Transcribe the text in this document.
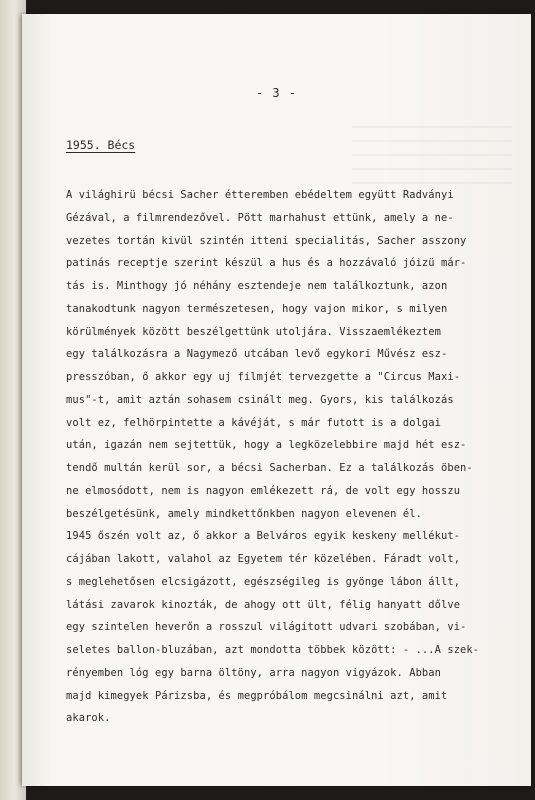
- 3 -
1955. Bécs
A világhirü bécsi Sacher étteremben ebédeltem együtt Radványi
Gézával, a filmrendezővel. Pött marhahust ettünk, amely a ne-
vezetes tortán kivül szintén itteni specialitás, Sacher asszony
patinás receptje szerint készül a hus és a hozzávaló jóizü már-
tás is. Minthogy jó néhány esztendeje nem találkoztunk, azon
tanakodtunk nagyon természetesen, hogy vajon mikor, s milyen
körülmények között beszélgettünk utoljára. Visszaemlékeztem
egy találkozásra a Nagymező utcában levő egykori Művész esz-
presszóban, ő akkor egy uj filmjét tervezgette a "Circus Maxi-
mus"-t, amit aztán sohasem csinált meg. Gyors, kis találkozás
volt ez, felhörpintette a kávéját, s már futott is a dolgai
után, igazán nem sejtettük, hogy a legközelebbire majd hét esz-
tendő multán kerül sor, a bécsi Sacherban. Ez a találkozás öben-
ne elmosódott, nem is nagyon emlékezett rá, de volt egy hosszu
beszélgetésünk, amely mindkettőnkben nagyon elevenen él.
1945 őszén volt az, ő akkor a Belváros egyik keskeny mellékut-
cájában lakott, valahol az Egyetem tér közelében. Fáradt volt,
s meglehetősen elcsigázott, egészségileg is gyönge lábon állt,
látási zavarok kinozták, de ahogy ott ült, félig hanyatt dőlve
egy szintelen heverőn a rosszul világitott udvari szobában, vi-
seletes ballon-bluzában, azt mondotta többek között: - ...A szek-
rényemben lóg egy barna öltöny, arra nagyon vigyázok. Abban
majd kimegyek Párizsba, és megpróbálom megcsinálni azt, amit
akarok.
